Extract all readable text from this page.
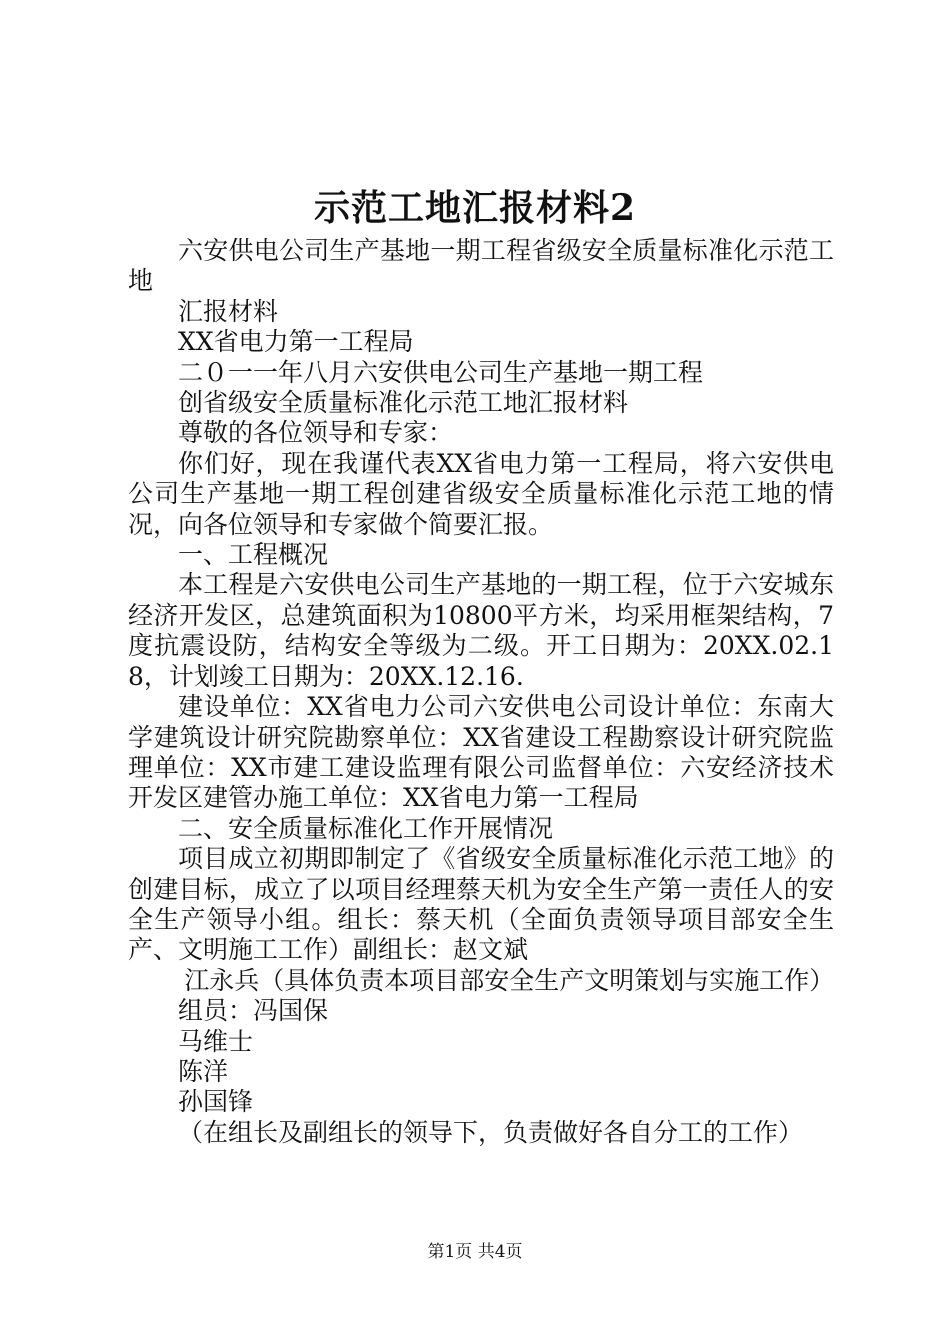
示范工地汇报材料2

六安供电公司生产基地一期工程省级安全质量标准化示范工地

汇报材料

XX省电力第一工程局

二０一一年八月六安供电公司生产基地一期工程

创省级安全质量标准化示范工地汇报材料

尊敬的各位领导和专家：

你们好，现在我谨代表XX省电力第一工程局，将六安供电公司生产基地一期工程创建省级安全质量标准化示范工地的情况，向各位领导和专家做个简要汇报。

一、工程概况

本工程是六安供电公司生产基地的一期工程，位于六安城东经济开发区，总建筑面积为10800平方米，均采用框架结构，7度抗震设防，结构安全等级为二级。开工日期为：20XX.02.18，计划竣工日期为：20XX.12.16.

建设单位：XX省电力公司六安供电公司设计单位：东南大学建筑设计研究院勘察单位：XX省建设工程勘察设计研究院监理单位：XX市建工建设监理有限公司监督单位：六安经济技术开发区建管办施工单位：XX省电力第一工程局

二、安全质量标准化工作开展情况

项目成立初期即制定了《省级安全质量标准化示范工地》的创建目标，成立了以项目经理蔡天机为安全生产第一责任人的安全生产领导小组。组长：蔡天机（全面负责领导项目部安全生产、文明施工工作）副组长：赵文斌

江永兵（具体负责本项目部安全生产文明策划与实施工作）

组员：冯国保

马维士

陈洋

孙国锋

（在组长及副组长的领导下，负责做好各自分工的工作）

第1页 共4页
